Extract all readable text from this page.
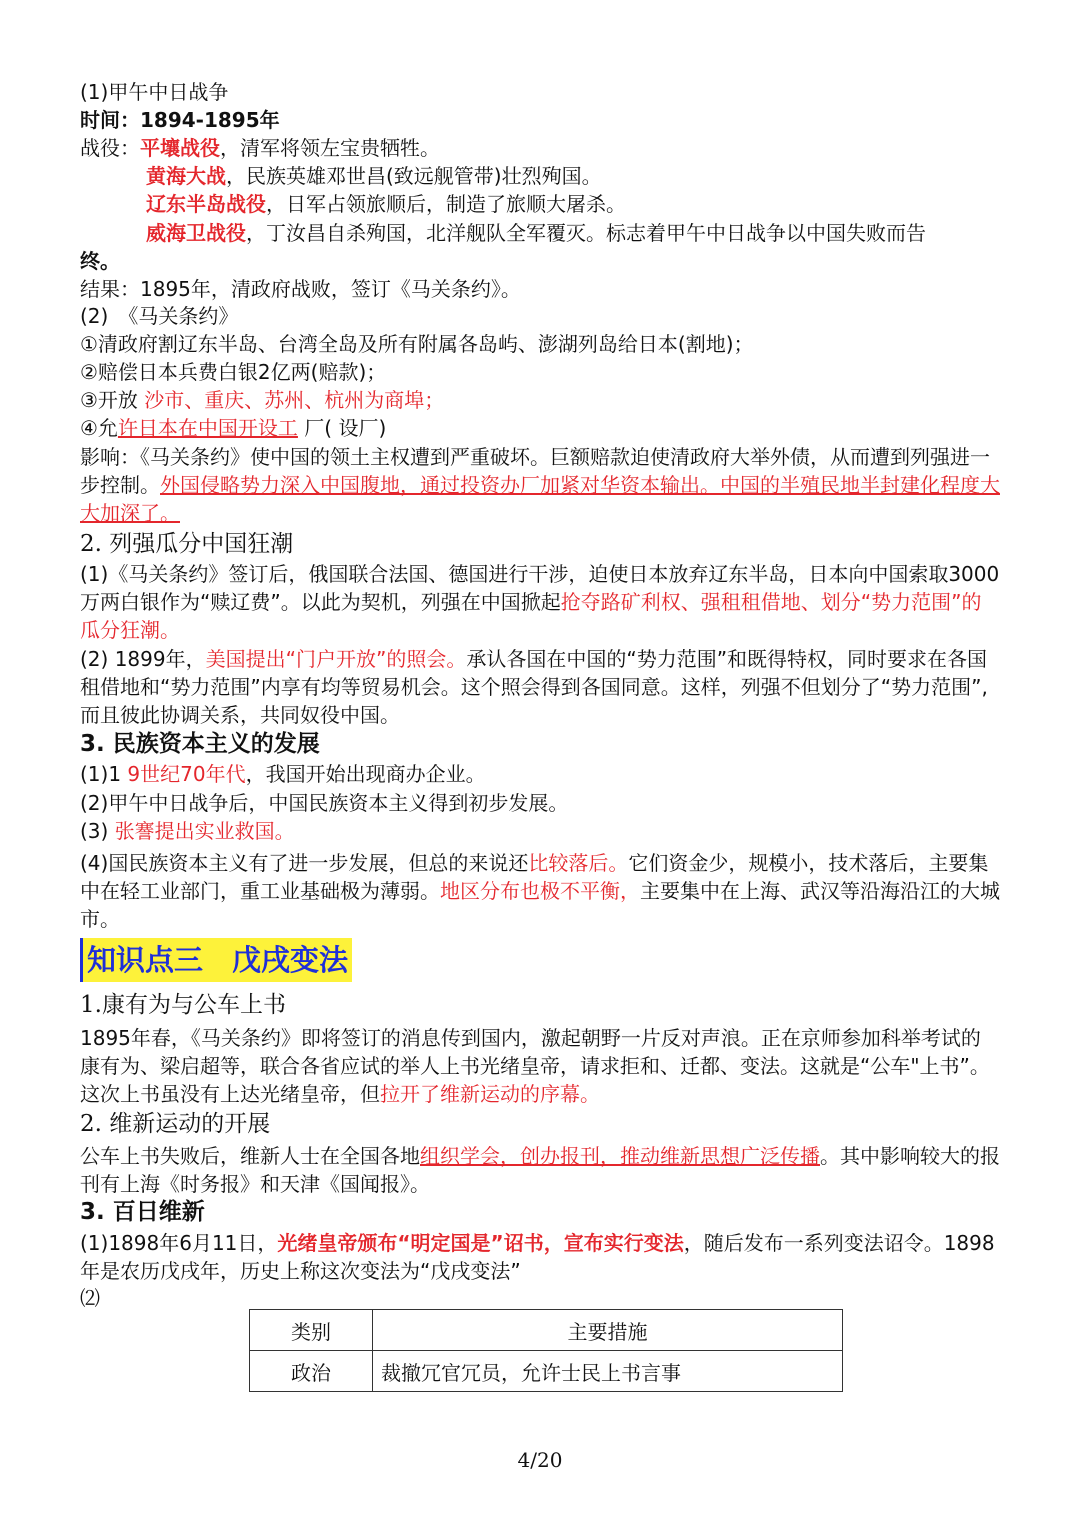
(1)甲午中日战争
时间：1894-1895年
战役：平壤战役，清军将领左宝贵牺牲。
黄海大战，民族英雄邓世昌(致远舰管带)壮烈殉国。
辽东半岛战役，日军占领旅顺后，制造了旅顺大屠杀。
威海卫战役，丁汝昌自杀殉国，北洋舰队全军覆灭。标志着甲午中日战争以中国失败而告
终。
结果：1895年，清政府战败，签订《马关条约》。
(2)　《马关条约》
①清政府割辽东半岛、台湾全岛及所有附属各岛屿、澎湖列岛给日本(割地)；
②赔偿日本兵费白银2亿两(赔款)；
③开放 沙市、重庆、苏州、杭州为商埠；
④允许日本在中国开设工 厂( 设厂)
影响：《马关条约》使中国的领土主权遭到严重破坏。巨额赔款迫使清政府大举外债，从而遭到列强进一步控制。外国侵略势力深入中国腹地，通过投资办厂加紧对华资本输出。中国的半殖民地半封建化程度大大加深了。
2. 列强瓜分中国狂潮
(1)《马关条约》签订后，俄国联合法国、德国进行干涉，迫使日本放弃辽东半岛，日本向中国索取3000万两白银作为“赎辽费”。以此为契机，列强在中国掀起抢夺路矿利权、强租租借地、划分“势力范围”的瓜分狂潮。
(2) 1899年，美国提出“门户开放”的照会。承认各国在中国的“势力范围”和既得特权，同时要求在各国租借地和“势力范围”内享有均等贸易机会。这个照会得到各国同意。这样，列强不但划分了“势力范围”,而且彼此协调关系，共同奴役中国。
3. 民族资本主义的发展
(1)1 9世纪70年代，我国开始出现商办企业。
(2)甲午中日战争后，中国民族资本主义得到初步发展。
(3) 张謇提出实业救国。
(4)国民族资本主义有了进一步发展，但总的来说还比较落后。它们资金少，规模小，技术落后，主要集中在轻工业部门，重工业基础极为薄弱。地区分布也极不平衡，主要集中在上海、武汉等沿海沿江的大城市。
知识点三　戊戌变法
1.康有为与公车上书
1895年春，《马关条约》即将签订的消息传到国内，激起朝野一片反对声浪。正在京师参加科举考试的康有为、梁启超等，联合各省应试的举人上书光绪皇帝，请求拒和、迁都、变法。这就是“公车"上书”。这次上书虽没有上达光绪皇帝，但拉开了维新运动的序幕。
2. 维新运动的开展
公车上书失败后，维新人士在全国各地组织学会，创办报刊，推动维新思想广泛传播。其中影响较大的报刊有上海《时务报》和天津《国闻报》。
3. 百日维新
(1)1898年6月11日，光绪皇帝颁布“明定国是”诏书，宣布实行变法，随后发布一系列变法诏令。1898年是农历戊戌年，历史上称这次变法为“戊戌变法”
⑵
类别	主要措施
政治	裁撤冗官冗员，允许士民上书言事
4/20
